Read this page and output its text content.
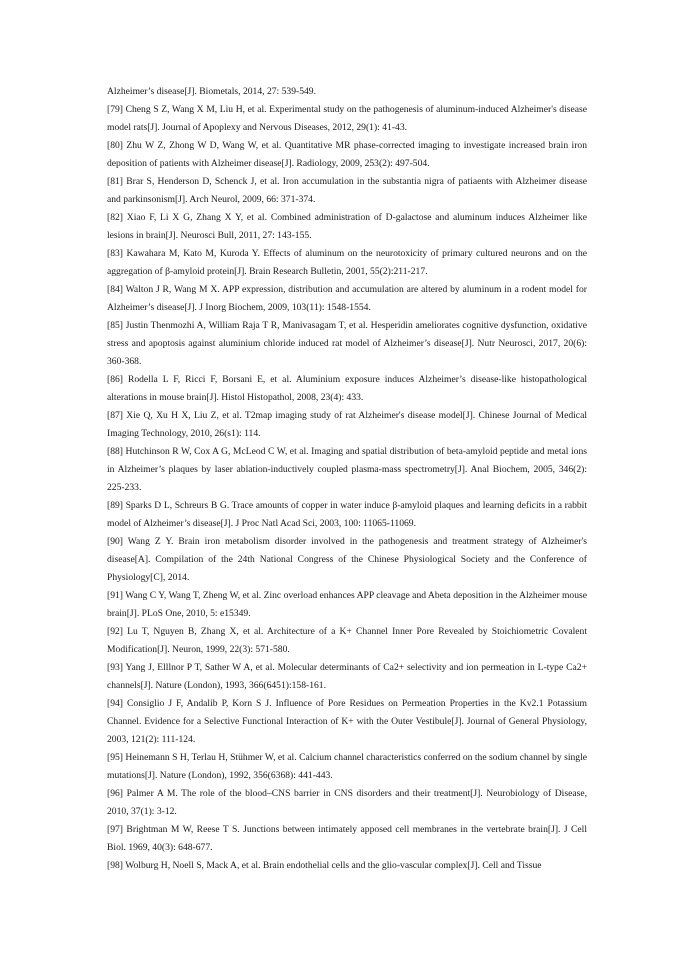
Alzheimer’s disease[J]. Biometals, 2014, 27: 539-549.

[79] Cheng S Z, Wang X M, Liu H, et al. Experimental study on the pathogenesis of aluminum-induced Alzheimer's disease model rats[J]. Journal of Apoplexy and Nervous Diseases, 2012, 29(1): 41-43.

[80] Zhu W Z, Zhong W D, Wang W, et al. Quantitative MR phase-corrected imaging to investigate increased brain iron deposition of patients with Alzheimer disease[J]. Radiology, 2009, 253(2): 497-504.

[81] Brar S, Henderson D, Schenck J, et al. Iron accumulation in the substantia nigra of patiaents with Alzheimer disease and parkinsonism[J]. Arch Neurol, 2009, 66: 371-374.

[82] Xiao F, Li X G, Zhang X Y, et al. Combined administration of D-galactose and aluminum induces Alzheimer like lesions in brain[J]. Neurosci Bull, 2011, 27: 143-155.

[83] Kawahara M, Kato M, Kuroda Y. Effects of aluminum on the neurotoxicity of primary cultured neurons and on the aggregation of β-amyloid protein[J]. Brain Research Bulletin, 2001, 55(2):211-217.

[84] Walton J R, Wang M X. APP expression, distribution and accumulation are altered by aluminum in a rodent model for Alzheimer’s disease[J]. J Inorg Biochem, 2009, 103(11): 1548-1554.

[85] Justin Thenmozhi A, William Raja T R, Manivasagam T, et al. Hesperidin ameliorates cognitive dysfunction, oxidative stress and apoptosis against aluminium chloride induced rat model of Alzheimer’s disease[J]. Nutr Neurosci, 2017, 20(6): 360-368.

[86] Rodella L F, Ricci F, Borsani E, et al. Aluminium exposure induces Alzheimer’s disease-like histopathological alterations in mouse brain[J]. Histol Histopathol, 2008, 23(4): 433.

[87] Xie Q, Xu H X, Liu Z, et al. T2map imaging study of rat Alzheimer's disease model[J]. Chinese Journal of Medical Imaging Technology, 2010, 26(s1): 114.

[88] Hutchinson R W, Cox A G, McLeod C W, et al. Imaging and spatial distribution of beta-amyloid peptide and metal ions in Alzheimer’s plaques by laser ablation-inductively coupled plasma-mass spectrometry[J]. Anal Biochem, 2005, 346(2): 225-233.

[89] Sparks D L, Schreurs B G. Trace amounts of copper in water induce β-amyloid plaques and learning deficits in a rabbit model of Alzheimer’s disease[J]. J Proc Natl Acad Sci, 2003, 100: 11065-11069.

[90] Wang Z Y. Brain iron metabolism disorder involved in the pathogenesis and treatment strategy of Alzheimer's disease[A]. Compilation of the 24th National Congress of the Chinese Physiological Society and the Conference of Physiology[C], 2014.

[91] Wang C Y, Wang T, Zheng W, et al. Zinc overload enhances APP cleavage and Abeta deposition in the Alzheimer mouse brain[J]. PLoS One, 2010, 5: e15349.

[92] Lu T, Nguyen B, Zhang X, et al. Architecture of a K+ Channel Inner Pore Revealed by Stoichiometric Covalent Modification[J]. Neuron, 1999, 22(3): 571-580.

[93] Yang J, Elllnor P T, Sather W A, et al. Molecular determinants of Ca2+ selectivity and ion permeation in L-type Ca2+ channels[J]. Nature (London), 1993, 366(6451):158-161.

[94] Consiglio J F, Andalib P, Korn S J. Influence of Pore Residues on Permeation Properties in the Kv2.1 Potassium Channel. Evidence for a Selective Functional Interaction of K+ with the Outer Vestibule[J]. Journal of General Physiology, 2003, 121(2): 111-124.

[95] Heinemann S H, Terlau H, Stühmer W, et al. Calcium channel characteristics conferred on the sodium channel by single mutations[J]. Nature (London), 1992, 356(6368): 441-443.

[96] Palmer A M. The role of the blood–CNS barrier in CNS disorders and their treatment[J]. Neurobiology of Disease, 2010, 37(1): 3-12.

[97] Brightman M W, Reese T S. Junctions between intimately apposed cell membranes in the vertebrate brain[J]. J Cell Biol. 1969, 40(3): 648-677.

[98] Wolburg H, Noell S, Mack A, et al. Brain endothelial cells and the glio-vascular complex[J]. Cell and Tissue
